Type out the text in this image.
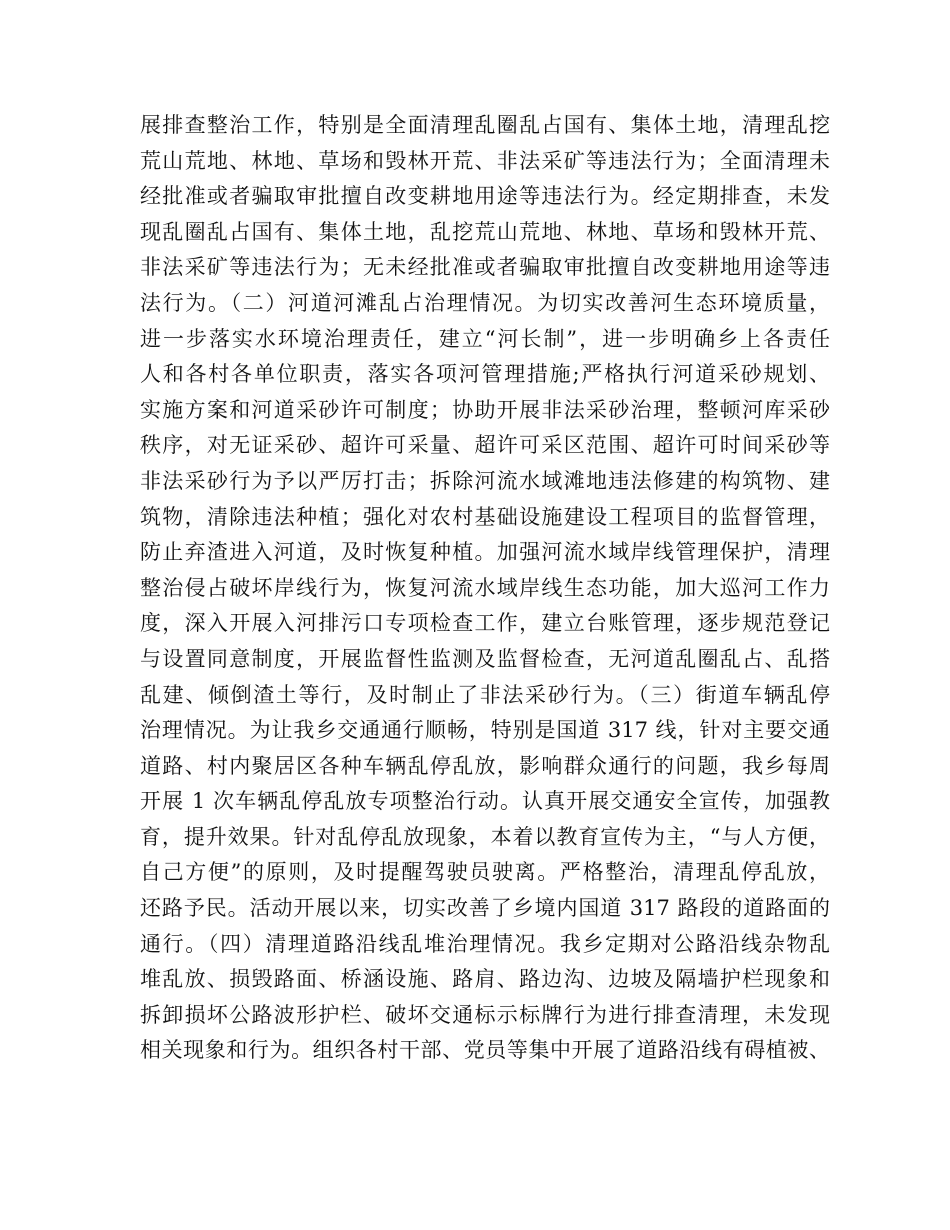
展排查整治工作，特别是全面清理乱圈乱占国有、集体土地，清理乱挖
荒山荒地、林地、草场和毁林开荒、非法采矿等违法行为；全面清理未
经批准或者骗取审批擅自改变耕地用途等违法行为。经定期排查，未发
现乱圈乱占国有、集体土地，乱挖荒山荒地、林地、草场和毁林开荒、
非法采矿等违法行为；无未经批准或者骗取审批擅自改变耕地用途等违
法行为。（二）河道河滩乱占治理情况。为切实改善河生态环境质量，
进一步落实水环境治理责任，建立“河长制”，进一步明确乡上各责任
人和各村各单位职责，落实各项河管理措施;严格执行河道采砂规划、
实施方案和河道采砂许可制度；协助开展非法采砂治理，整顿河库采砂
秩序，对无证采砂、超许可采量、超许可采区范围、超许可时间采砂等
非法采砂行为予以严厉打击；拆除河流水域滩地违法修建的构筑物、建
筑物，清除违法种植；强化对农村基础设施建设工程项目的监督管理，
防止弃渣进入河道，及时恢复种植。加强河流水域岸线管理保护，清理
整治侵占破坏岸线行为，恢复河流水域岸线生态功能，加大巡河工作力
度，深入开展入河排污口专项检查工作，建立台账管理，逐步规范登记
与设置同意制度，开展监督性监测及监督检查，无河道乱圈乱占、乱搭
乱建、倾倒渣土等行，及时制止了非法采砂行为。（三）街道车辆乱停
治理情况。为让我乡交通通行顺畅，特别是国道 317 线，针对主要交通
道路、村内聚居区各种车辆乱停乱放，影响群众通行的问题，我乡每周
开展 1 次车辆乱停乱放专项整治行动。认真开展交通安全宣传，加强教
育，提升效果。针对乱停乱放现象，本着以教育宣传为主，“与人方便，
自己方便”的原则，及时提醒驾驶员驶离。严格整治，清理乱停乱放，
还路予民。活动开展以来，切实改善了乡境内国道 317 路段的道路面的
通行。（四）清理道路沿线乱堆治理情况。我乡定期对公路沿线杂物乱
堆乱放、损毁路面、桥涵设施、路肩、路边沟、边坡及隔墙护栏现象和
拆卸损坏公路波形护栏、破坏交通标示标牌行为进行排查清理，未发现
相关现象和行为。组织各村干部、党员等集中开展了道路沿线有碍植被、
